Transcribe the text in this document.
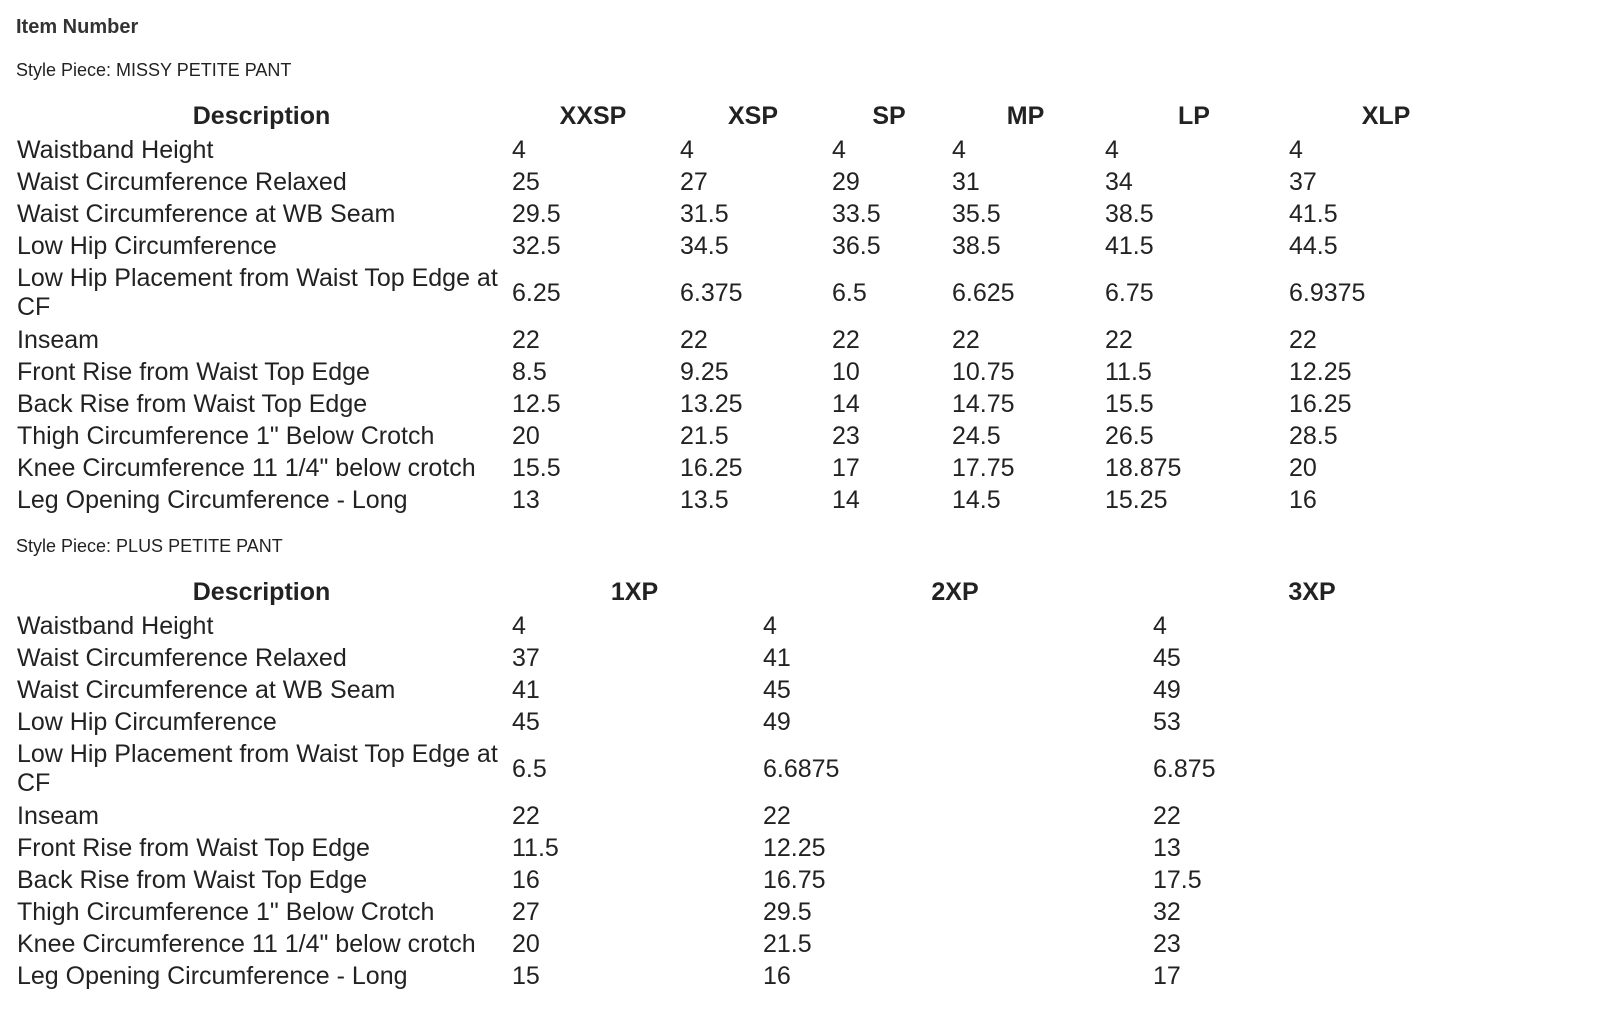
Item Number
Style Piece: MISSY PETITE PANT
Description	XXSP	XSP	SP	MP	LP	XLP
Waistband Height	4	4	4	4	4	4
Waist Circumference Relaxed	25	27	29	31	34	37
Waist Circumference at WB Seam	29.5	31.5	33.5	35.5	38.5	41.5
Low Hip Circumference	32.5	34.5	36.5	38.5	41.5	44.5
Low Hip Placement from Waist Top Edge at CF	6.25	6.375	6.5	6.625	6.75	6.9375
Inseam	22	22	22	22	22	22
Front Rise from Waist Top Edge	8.5	9.25	10	10.75	11.5	12.25
Back Rise from Waist Top Edge	12.5	13.25	14	14.75	15.5	16.25
Thigh Circumference 1" Below Crotch	20	21.5	23	24.5	26.5	28.5
Knee Circumference 11 1/4" below crotch	15.5	16.25	17	17.75	18.875	20
Leg Opening Circumference - Long	13	13.5	14	14.5	15.25	16
Style Piece: PLUS PETITE PANT
Description	1XP	2XP	3XP
Waistband Height	4	4	4
Waist Circumference Relaxed	37	41	45
Waist Circumference at WB Seam	41	45	49
Low Hip Circumference	45	49	53
Low Hip Placement from Waist Top Edge at CF	6.5	6.6875	6.875
Inseam	22	22	22
Front Rise from Waist Top Edge	11.5	12.25	13
Back Rise from Waist Top Edge	16	16.75	17.5
Thigh Circumference 1" Below Crotch	27	29.5	32
Knee Circumference 11 1/4" below crotch	20	21.5	23
Leg Opening Circumference - Long	15	16	17
